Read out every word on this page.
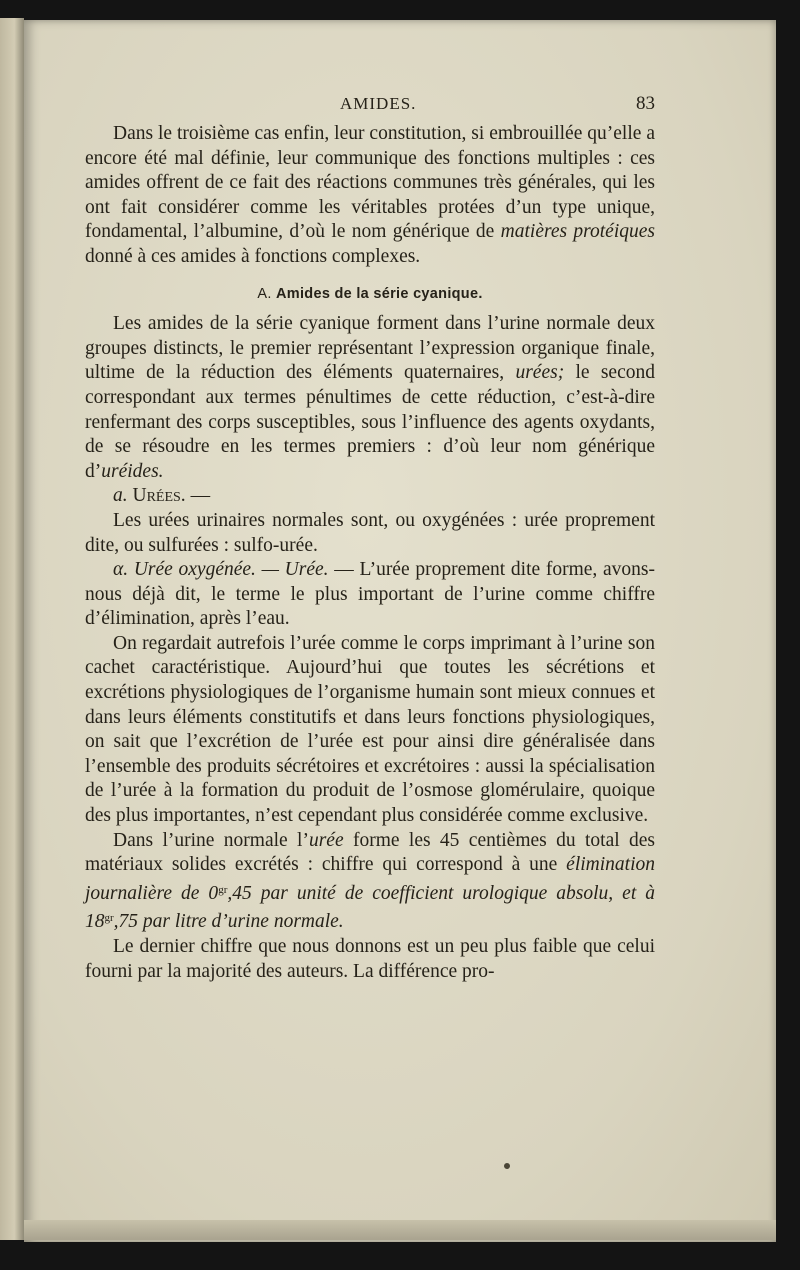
AMIDES.	83

Dans le troisième cas enfin, leur constitution, si embrouillée qu’elle a encore été mal définie, leur communique des fonctions multiples : ces amides offrent de ce fait des réactions communes très générales, qui les ont fait considérer comme les véritables protées d’un type unique, fondamental, l’albumine, d’où le nom générique de matières protéiques donné à ces amides à fonctions complexes.

A. Amides de la série cyanique.

Les amides de la série cyanique forment dans l’urine normale deux groupes distincts, le premier représentant l’expression organique finale, ultime de la réduction des éléments quaternaires, urées; le second correspondant aux termes pénultimes de cette réduction, c’est-à-dire renfermant des corps susceptibles, sous l’influence des agents oxydants, de se résoudre en les termes premiers : d’où leur nom générique d’uréides.

a. Urées. —

Les urées urinaires normales sont, ou oxygénées : urée proprement dite, ou sulfurées : sulfo-urée.

α. Urée oxygénée. — Urée. — L’urée proprement dite forme, avons-nous déjà dit, le terme le plus important de l’urine comme chiffre d’élimination, après l’eau.

On regardait autrefois l’urée comme le corps imprimant à l’urine son cachet caractéristique. Aujourd’hui que toutes les sécrétions et excrétions physiologiques de l’organisme humain sont mieux connues et dans leurs éléments constitutifs et dans leurs fonctions physiologiques, on sait que l’excrétion de l’urée est pour ainsi dire généralisée dans l’ensemble des produits sécrétoires et excrétoires : aussi la spécialisation de l’urée à la formation du produit de l’osmose glomérulaire, quoique des plus importantes, n’est cependant plus considérée comme exclusive.

Dans l’urine normale l’urée forme les 45 centièmes du total des matériaux solides excrétés : chiffre qui correspond à une élimination journalière de $0^{gr},45$ par unité de coefficient urologique absolu, et à $18^{gr},75$ par litre d’urine normale.

Le dernier chiffre que nous donnons est un peu plus faible que celui fourni par la majorité des auteurs. La différence pro-
